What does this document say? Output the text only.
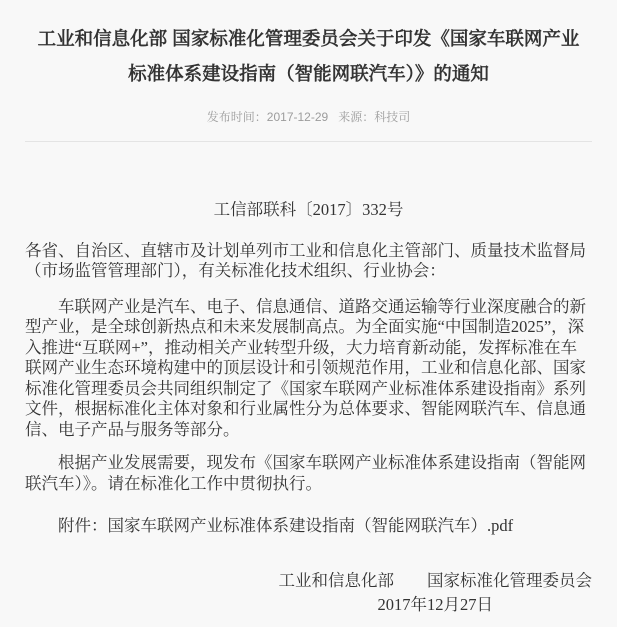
工业和信息化部 国家标准化管理委员会关于印发《国家车联网产业标准体系建设指南（智能网联汽车）》的通知
发布时间：2017-12-29 来源：科技司

工信部联科〔2017〕332号

各省、自治区、直辖市及计划单列市工业和信息化主管部门、质量技术监督局（市场监管管理部门），有关标准化技术组织、行业协会：

车联网产业是汽车、电子、信息通信、道路交通运输等行业深度融合的新型产业，是全球创新热点和未来发展制高点。为全面实施“中国制造2025”，深入推进“互联网+”，推动相关产业转型升级，大力培育新动能，发挥标准在车联网产业生态环境构建中的顶层设计和引领规范作用，工业和信息化部、国家标准化管理委员会共同组织制定了《国家车联网产业标准体系建设指南》系列文件，根据标准化主体对象和行业属性分为总体要求、智能网联汽车、信息通信、电子产品与服务等部分。

根据产业发展需要，现发布《国家车联网产业标准体系建设指南（智能网联汽车）》。请在标准化工作中贯彻执行。

附件：国家车联网产业标准体系建设指南（智能网联汽车）.pdf

工业和信息化部　　国家标准化管理委员会
2017年12月27日
